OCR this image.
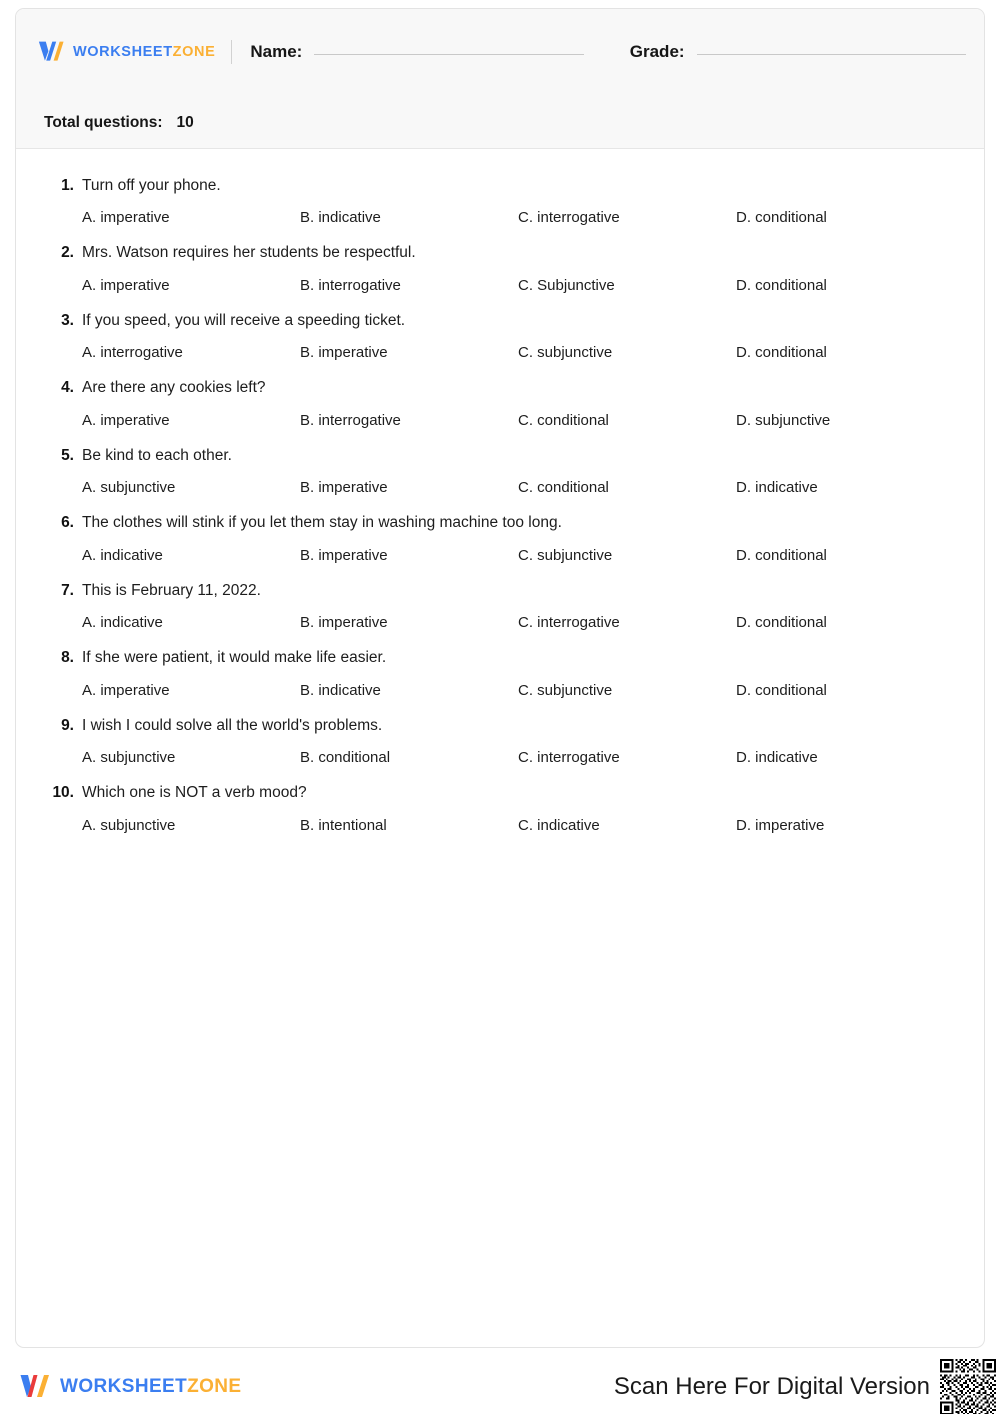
WORKSHEETZONE Name:	Grade:
Total questions: 10
1. Turn off your phone.
A. imperative	B. indicative	C. interrogative	D. conditional
2. Mrs. Watson requires her students be respectful.
A. imperative	B. interrogative	C. Subjunctive	D. conditional
3. If you speed, you will receive a speeding ticket.
A. interrogative	B. imperative	C. subjunctive	D. conditional
4. Are there any cookies left?
A. imperative	B. interrogative	C. conditional	D. subjunctive
5. Be kind to each other.
A. subjunctive	B. imperative	C. conditional	D. indicative
6. The clothes will stink if you let them stay in washing machine too long.
A. indicative	B. imperative	C. subjunctive	D. conditional
7. This is February 11, 2022.
A. indicative	B. imperative	C. interrogative	D. conditional
8. If she were patient, it would make life easier.
A. imperative	B. indicative	C. subjunctive	D. conditional
9. I wish I could solve all the world's problems.
A. subjunctive	B. conditional	C. interrogative	D. indicative
10. Which one is NOT a verb mood?
A. subjunctive	B. intentional	C. indicative	D. imperative
WORKSHEETZONE	Scan Here For Digital Version
